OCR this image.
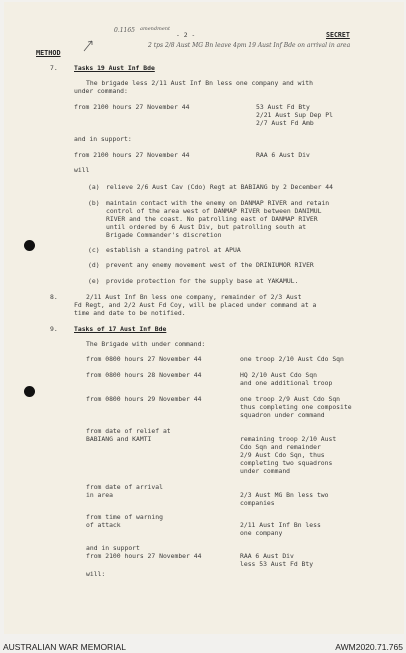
0.1165 amendment
- 2 -	SECRET
2 tps 2/8 Aust MG Bn leave 4pm 19 Aust Inf Bde on arrival in area
METHOD
7.	Tasks 19 Aust Inf Bde
The brigade less 2/11 Aust Inf Bn less one company and with
under command:
from 2100 hours 27 November 44	53 Aust Fd Bty
2/21 Aust Sup Dep Pl
2/7 Aust Fd Amb
and in support:
from 2100 hours 27 November 44	RAA 6 Aust Div
will
(a) relieve 2/6 Aust Cav (Cdo) Regt at BABIANG by 2 December 44
(b) maintain contact with the enemy on DANMAP RIVER and retain
control of the area west of DANMAP RIVER between DANIMUL
RIVER and the coast. No patrolling east of DANMAP RIVER
until ordered by 6 Aust Div, but patrolling south at
Brigade Commander's discretion
(c) establish a standing patrol at APUA
(d) prevent any enemy movement west of the DRINIUMOR RIVER
(e) provide protection for the supply base at YAKAMUL.
8.	2/11 Aust Inf Bn less one company, remainder of 2/3 Aust
Fd Regt, and 2/2 Aust Fd Coy, will be placed under command at a
time and date to be notified.
9.	Tasks of 17 Aust Inf Bde
The Brigade with under command:
from 0800 hours 27 November 44	one troop 2/10 Aust Cdo Sqn
from 0800 hours 28 November 44	HQ 2/10 Aust Cdo Sqn
and one additional troop
from 0800 hours 29 November 44	one troop 2/9 Aust Cdo Sqn
thus completing one composite
squadron under command
from date of relief at
BABIANG and KAMTI	remaining troop 2/10 Aust
Cdo Sqn and remainder
2/9 Aust Cdo Sqn, thus
completing two squadrons
under command
from date of arrival
in area	2/3 Aust MG Bn less two
companies
from time of warning
of attack	2/11 Aust Inf Bn less
one company
and in support
from 2100 hours 27 November 44	RAA 6 Aust Div
less 53 Aust Fd Bty
will:
AUSTRALIAN WAR MEMORIAL	AWM2020.71.765
